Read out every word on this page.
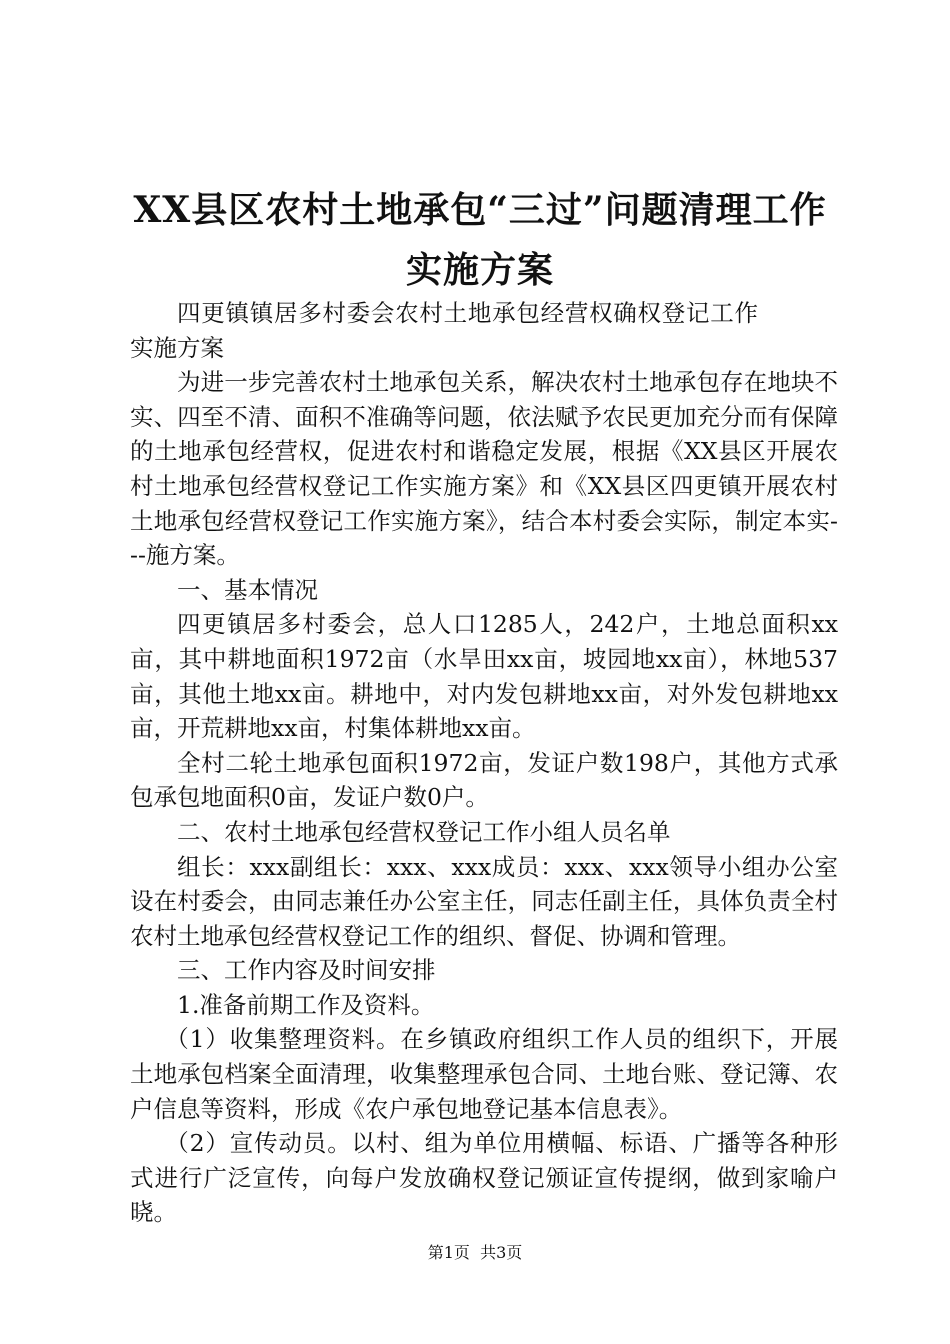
XX县区农村土地承包“三过”问题清理工作
实施方案

四更镇镇居多村委会农村土地承包经营权确权登记工作实施方案

为进一步完善农村土地承包关系，解决农村土地承包存在地块不实、四至不清、面积不准确等问题，依法赋予农民更加充分而有保障的土地承包经营权，促进农村和谐稳定发展，根据《XX县区开展农村土地承包经营权登记工作实施方案》和《XX县区四更镇开展农村土地承包经营权登记工作实施方案》，结合本村委会实际，制定本实---施方案。

一、基本情况

四更镇居多村委会，总人口1285人，242户，土地总面积xx亩，其中耕地面积1972亩（水旱田xx亩，坡园地xx亩），林地537亩，其他土地xx亩。耕地中，对内发包耕地xx亩，对外发包耕地xx亩，开荒耕地xx亩，村集体耕地xx亩。

全村二轮土地承包面积1972亩，发证户数198户，其他方式承包承包地面积0亩，发证户数0户。

二、农村土地承包经营权登记工作小组人员名单

组长：xxx副组长：xxx、xxx成员：xxx、xxx领导小组办公室设在村委会，由同志兼任办公室主任，同志任副主任，具体负责全村农村土地承包经营权登记工作的组织、督促、协调和管理。

三、工作内容及时间安排

1.准备前期工作及资料。

（1）收集整理资料。在乡镇政府组织工作人员的组织下，开展土地承包档案全面清理，收集整理承包合同、土地台账、登记簿、农户信息等资料，形成《农户承包地登记基本信息表》。

（2）宣传动员。以村、组为单位用横幅、标语、广播等各种形式进行广泛宣传，向每户发放确权登记颁证宣传提纲，做到家喻户晓。

第1页  共3页
